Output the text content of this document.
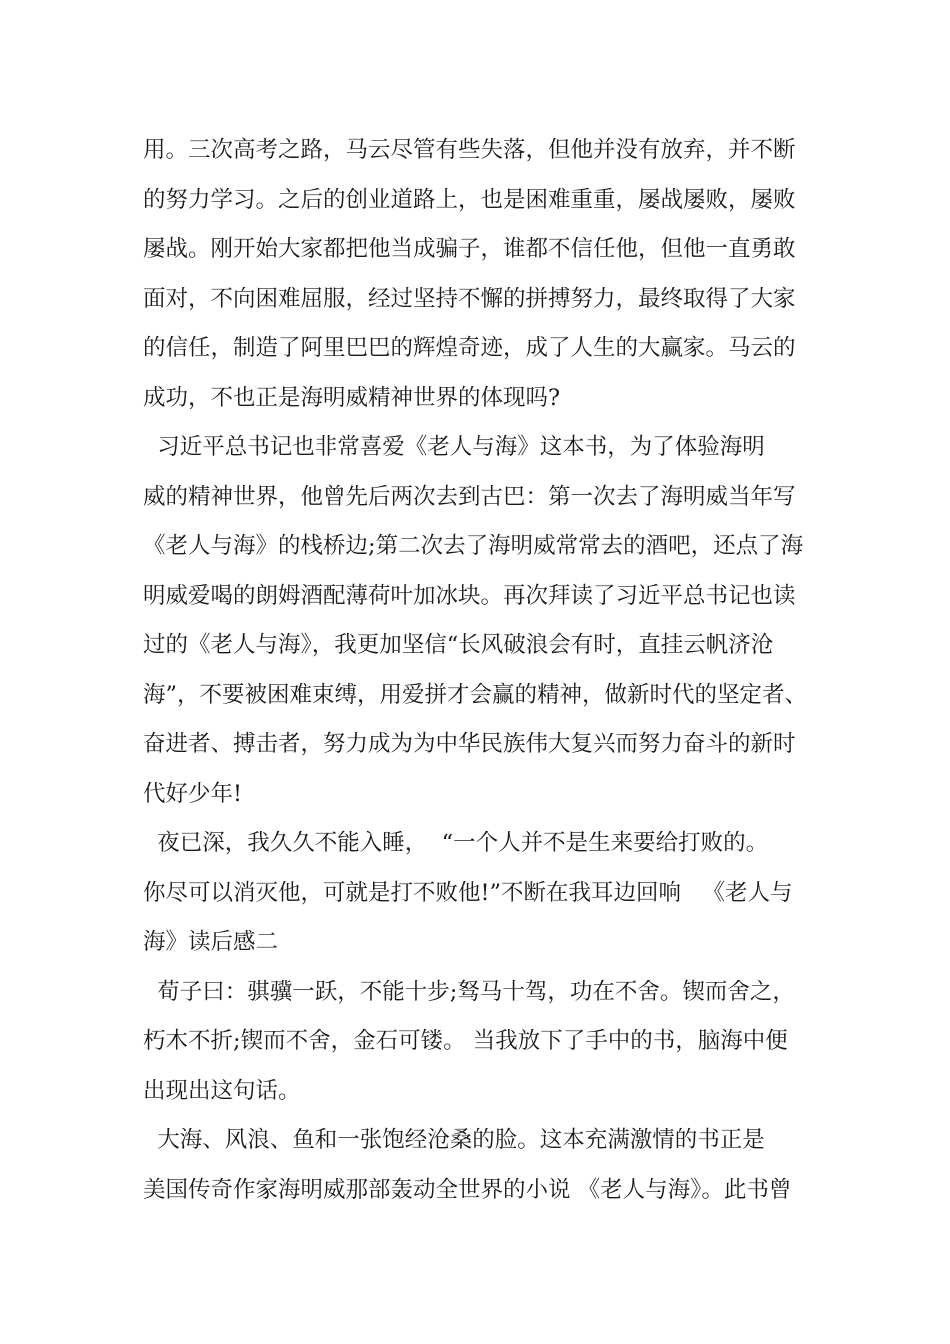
用。三次高考之路，马云尽管有些失落，但他并没有放弃，并不断
的努力学习。之后的创业道路上，也是困难重重，屡战屡败，屡败
屡战。刚开始大家都把他当成骗子，谁都不信任他，但他一直勇敢
面对，不向困难屈服，经过坚持不懈的拼搏努力，最终取得了大家
的信任，制造了阿里巴巴的辉煌奇迹，成了人生的大赢家。马云的
成功，不也正是海明威精神世界的体现吗?
习近平总书记也非常喜爱《老人与海》这本书，为了体验海明
威的精神世界，他曾先后两次去到古巴：第一次去了海明威当年写
《老人与海》的栈桥边;第二次去了海明威常常去的酒吧，还点了海
明威爱喝的朗姆酒配薄荷叶加冰块。再次拜读了习近平总书记也读
过的《老人与海》，我更加坚信“长风破浪会有时，直挂云帆济沧
海”，不要被困难束缚，用爱拼才会赢的精神，做新时代的坚定者、
奋进者、搏击者，努力成为为中华民族伟大复兴而努力奋斗的新时
代好少年!
夜已深，我久久不能入睡，  “一个人并不是生来要给打败的。
你尽可以消灭他，可就是打不败他!”不断在我耳边回响   《老人与
海》读后感二
荀子曰：骐骥一跃，不能十步;驽马十驾，功在不舍。锲而舍之，
朽木不折;锲而不舍，金石可镂。 当我放下了手中的书，脑海中便
出现出这句话。
大海、风浪、鱼和一张饱经沧桑的脸。这本充满激情的书正是
美国传奇作家海明威那部轰动全世界的小说 《老人与海》。此书曾
